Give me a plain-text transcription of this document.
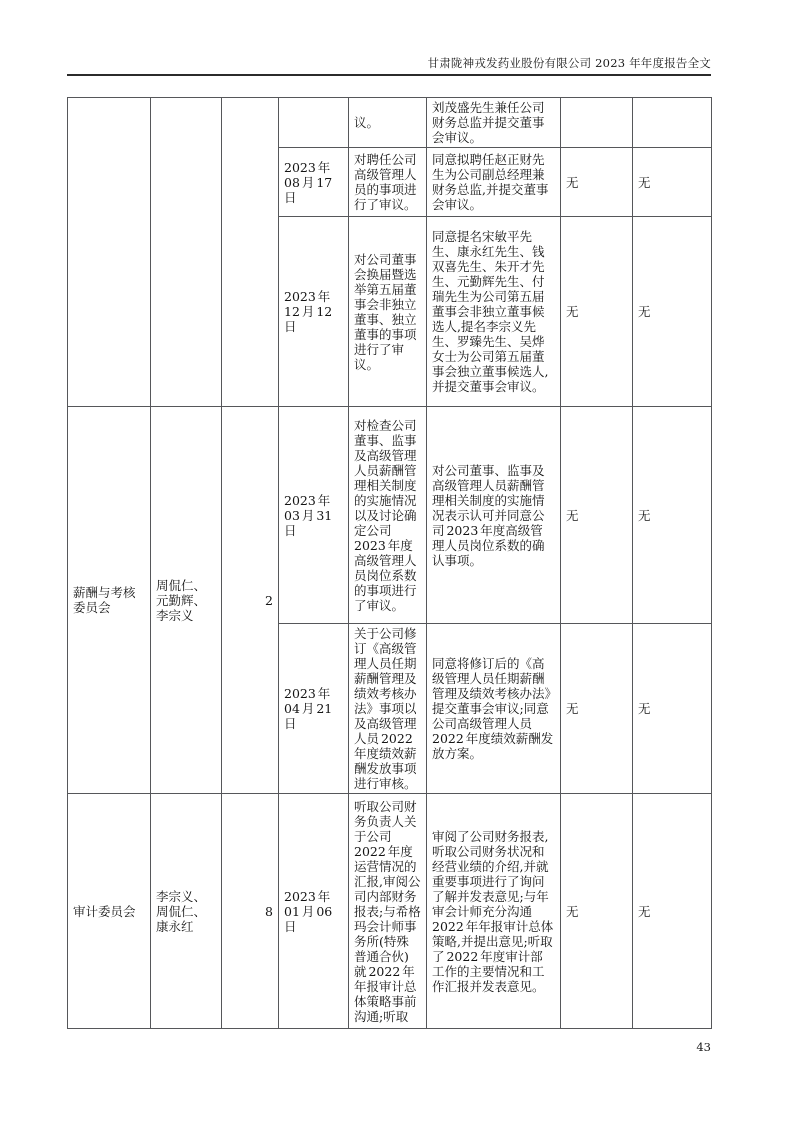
甘肃陇神戎发药业股份有限公司 2023 年年度报告全文
				议。	刘茂盛先生兼任公司财务总监并提交董事会审议。		
			2023 年 08 月 17 日	对聘任公司高级管理人员的事项进行了审议。	同意拟聘任赵正财先生为公司副总经理兼财务总监,并提交董事会审议。	无	无
			2023 年 12 月 12 日	对公司董事会换届暨选举第五届董事会非独立董事、独立董事的事项进行了审议。	同意提名宋敏平先生、康永红先生、钱双喜先生、朱开才先生、元勤辉先生、付瑞先生为公司第五届董事会非独立董事候选人,提名李宗义先生、罗臻先生、吴烨女士为公司第五届董事会独立董事候选人,并提交董事会审议。	无	无
薪酬与考核委员会	周侃仁、元勤辉、李宗义	2	2023 年 03 月 31 日	对检查公司董事、监事及高级管理人员薪酬管理相关制度的实施情况以及讨论确定公司 2023 年度高级管理人员岗位系数的事项进行了审议。	对公司董事、监事及高级管理人员薪酬管理相关制度的实施情况表示认可并同意公司 2023 年度高级管理人员岗位系数的确认事项。	无	无
			2023 年 04 月 21 日	关于公司修订《高级管理人员任期薪酬管理及绩效考核办法》事项以及高级管理人员 2022 年度绩效薪酬发放事项进行审核。	同意将修订后的《高级管理人员任期薪酬管理及绩效考核办法》提交董事会审议;同意公司高级管理人员 2022 年度绩效薪酬发放方案。	无	无
审计委员会	李宗义、周侃仁、康永红	8	2023 年 01 月 06 日	听取公司财务负责人关于公司 2022 年度运营情况的汇报,审阅公司内部财务报表;与希格玛会计师事务所(特殊普通合伙)就 2022 年年报审计总体策略事前沟通;听取	审阅了公司财务报表,听取公司财务状况和经营业绩的介绍,并就重要事项进行了询问了解并发表意见;与年审会计师充分沟通 2022 年年报审计总体策略,并提出意见;听取了 2022 年度审计部工作的主要情况和工作汇报并发表意见。	无	无
43
